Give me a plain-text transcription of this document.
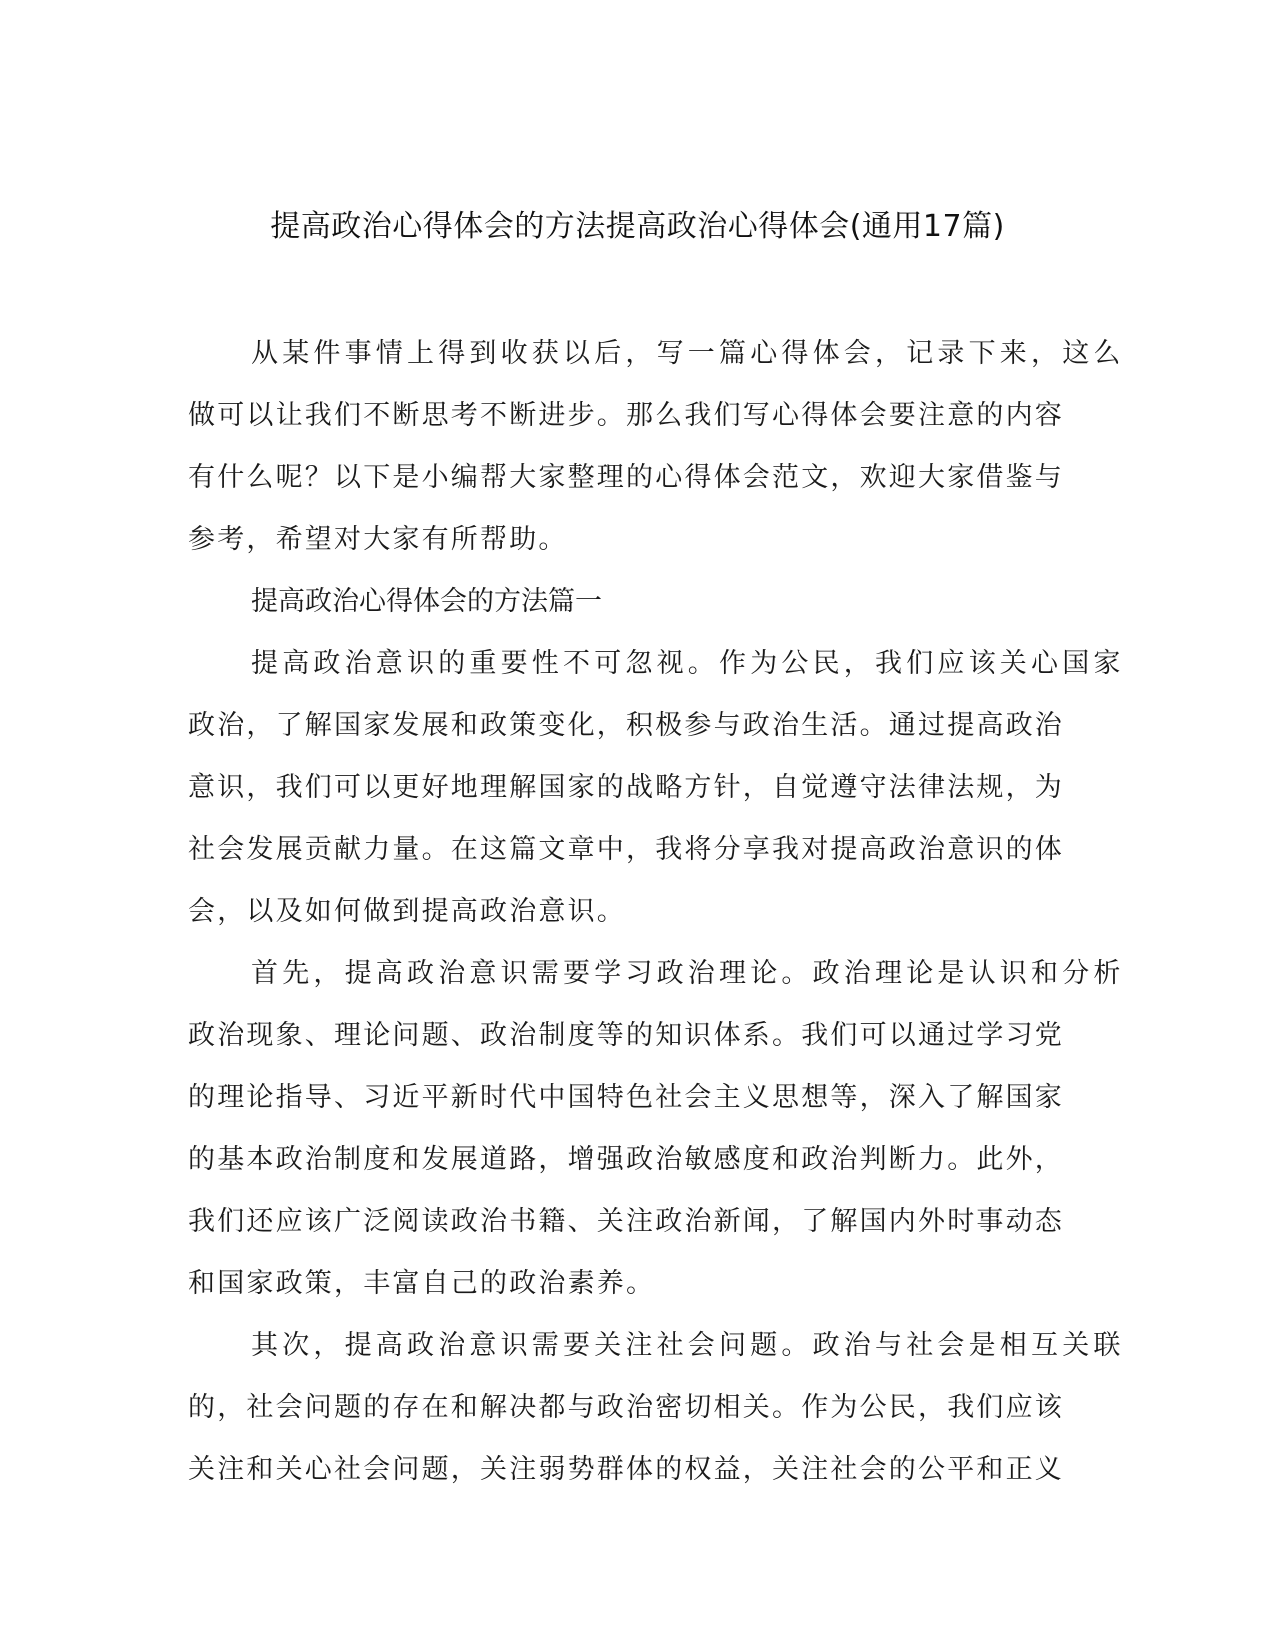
提高政治心得体会的方法提高政治心得体会(通用17篇)
从某件事情上得到收获以后，写一篇心得体会，记录下来，这么
做可以让我们不断思考不断进步。那么我们写心得体会要注意的内容
有什么呢？以下是小编帮大家整理的心得体会范文，欢迎大家借鉴与
参考，希望对大家有所帮助。
提高政治心得体会的方法篇一
提高政治意识的重要性不可忽视。作为公民，我们应该关心国家
政治，了解国家发展和政策变化，积极参与政治生活。通过提高政治
意识，我们可以更好地理解国家的战略方针，自觉遵守法律法规，为
社会发展贡献力量。在这篇文章中，我将分享我对提高政治意识的体
会，以及如何做到提高政治意识。
首先，提高政治意识需要学习政治理论。政治理论是认识和分析
政治现象、理论问题、政治制度等的知识体系。我们可以通过学习党
的理论指导、习近平新时代中国特色社会主义思想等，深入了解国家
的基本政治制度和发展道路，增强政治敏感度和政治判断力。此外，
我们还应该广泛阅读政治书籍、关注政治新闻，了解国内外时事动态
和国家政策，丰富自己的政治素养。
其次，提高政治意识需要关注社会问题。政治与社会是相互关联
的，社会问题的存在和解决都与政治密切相关。作为公民，我们应该
关注和关心社会问题，关注弱势群体的权益，关注社会的公平和正义
